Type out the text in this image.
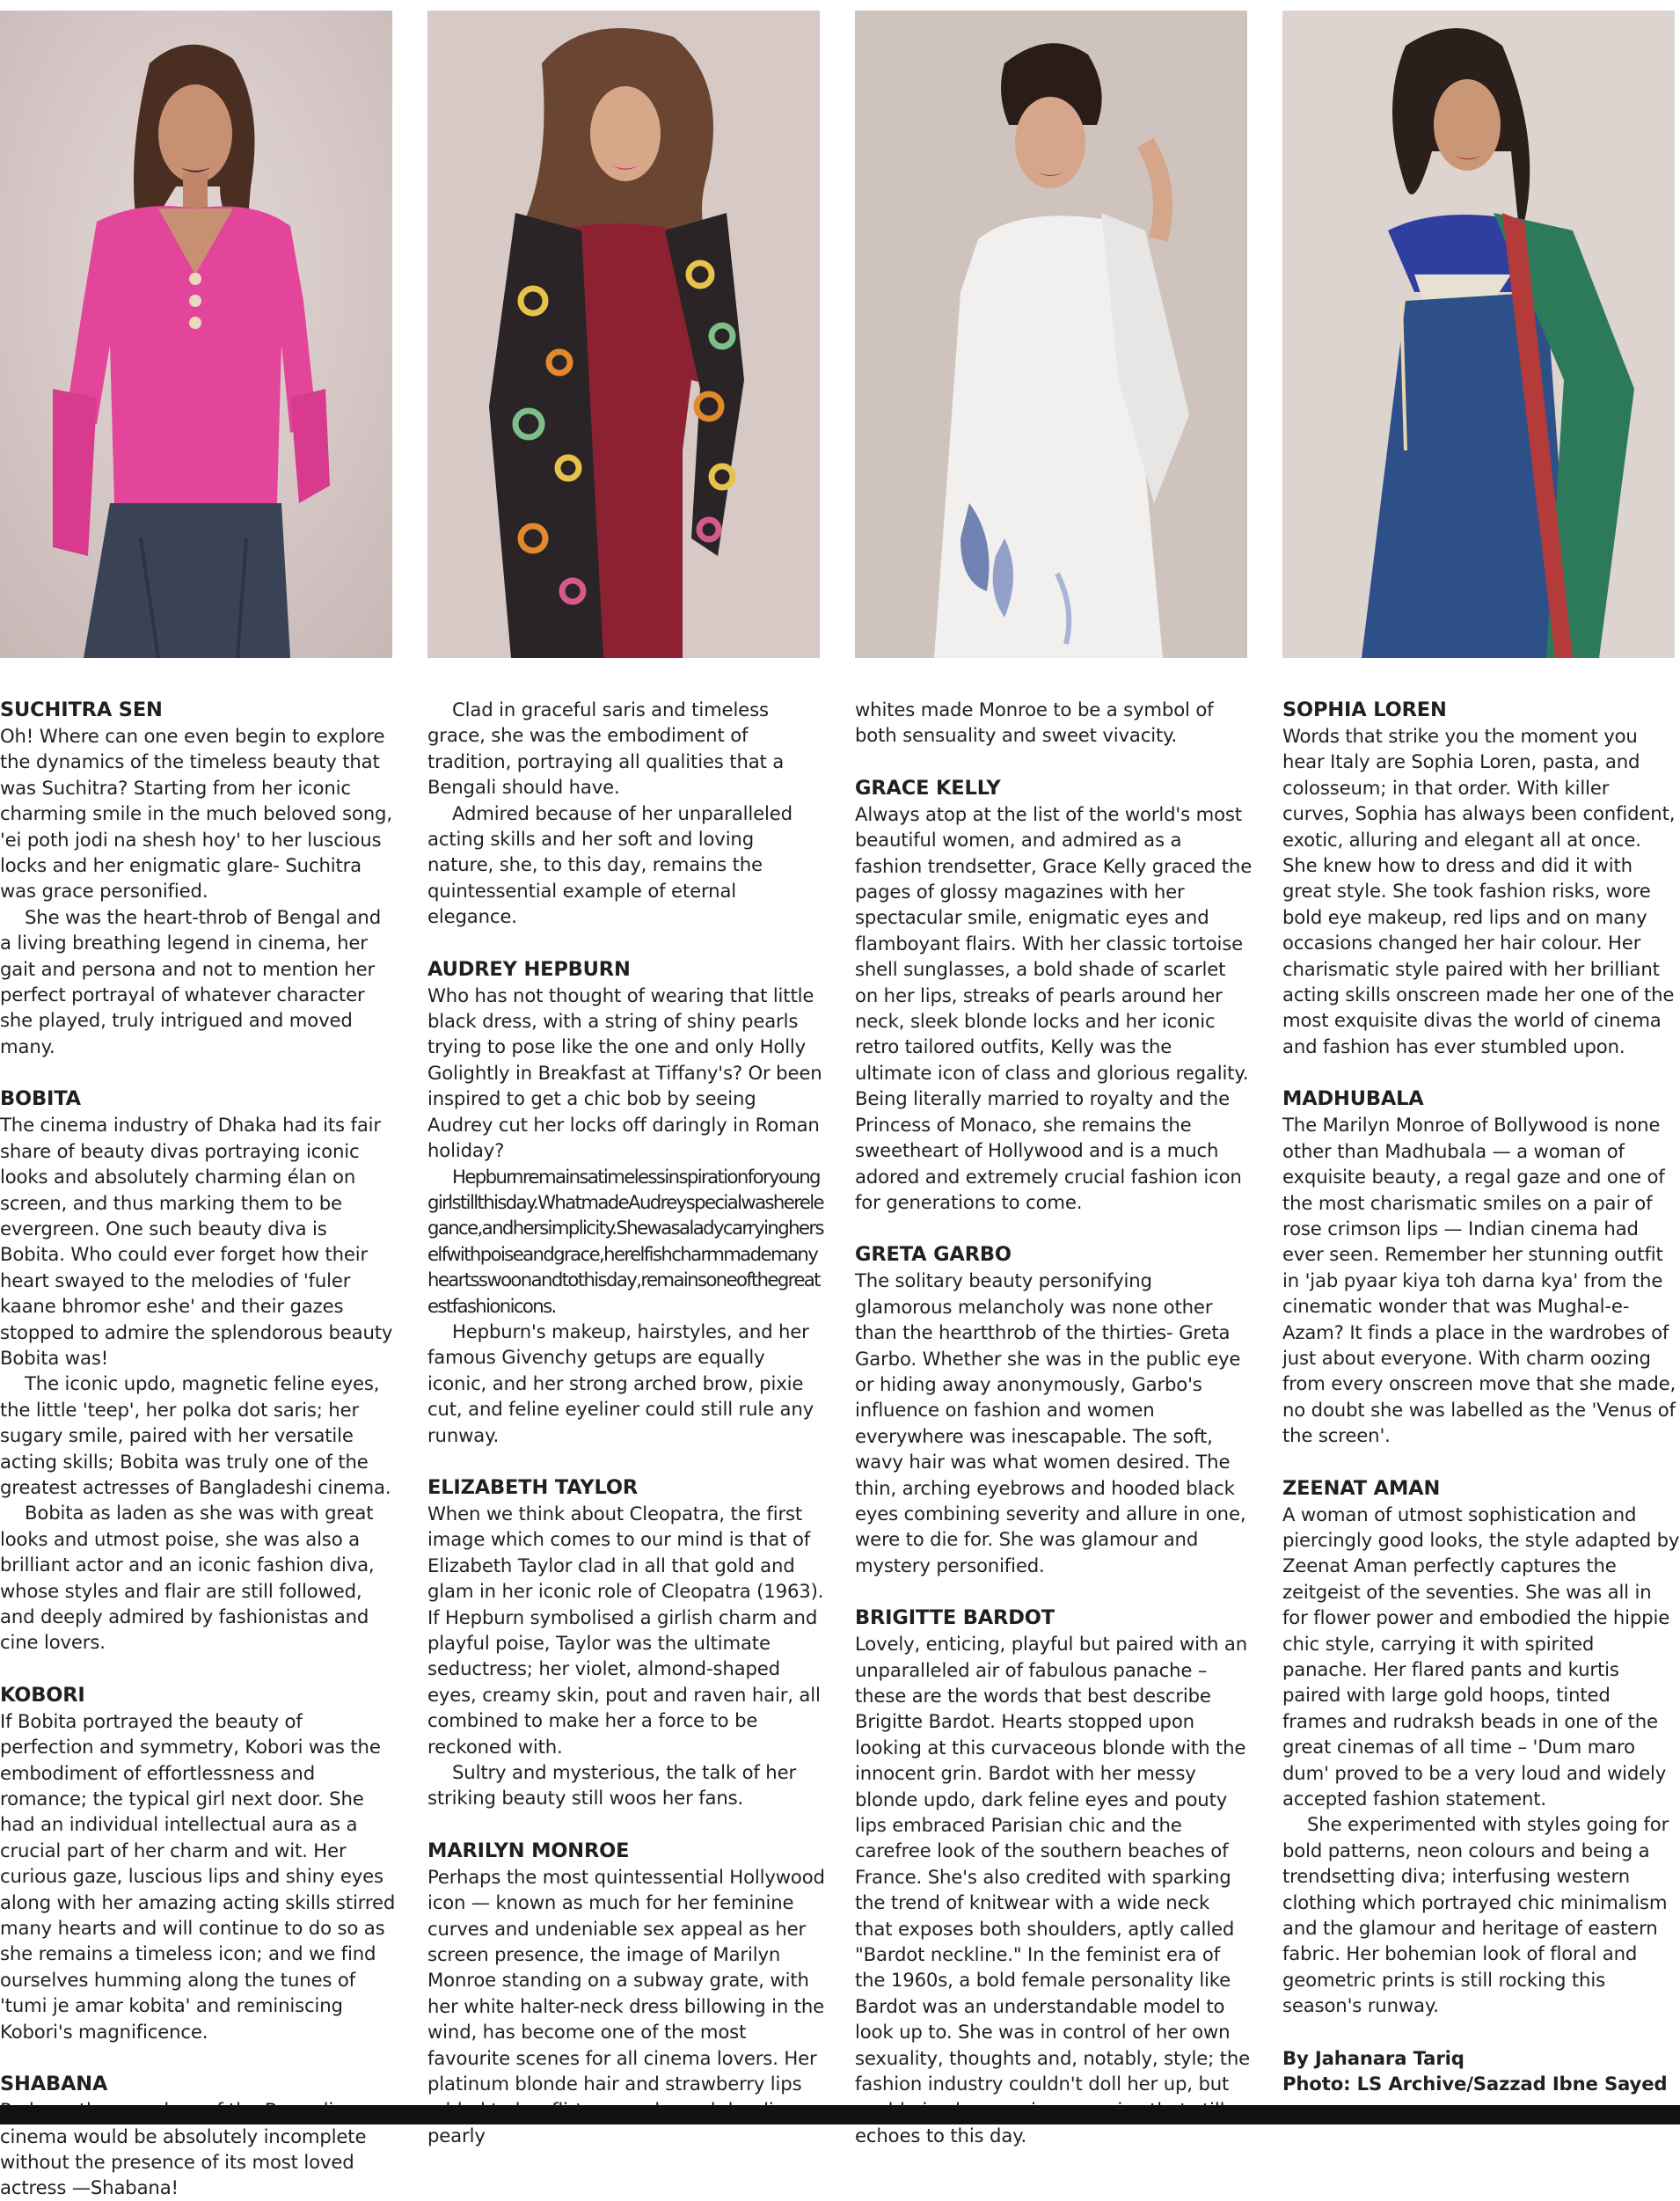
SUCHITRA SEN

Oh! Where can one even begin to explore the dynamics of the timeless beauty that was Suchitra? Starting from her iconic charming smile in the much beloved song, 'ei poth jodi na shesh hoy' to her luscious locks and her enigmatic glare- Suchitra was grace personified.

She was the heart-throb of Bengal and a living breathing legend in cinema, her gait and persona and not to mention her perfect portrayal of whatever character she played, truly intrigued and moved many.

BOBITA

The cinema industry of Dhaka had its fair share of beauty divas portraying iconic looks and absolutely charming élan on screen, and thus marking them to be evergreen. One such beauty diva is Bobita. Who could ever forget how their heart swayed to the melodies of 'fuler kaane bhromor eshe' and their gazes stopped to admire the splendorous beauty Bobita was!

The iconic updo, magnetic feline eyes, the little 'teep', her polka dot saris; her sugary smile, paired with her versatile acting skills; Bobita was truly one of the greatest actresses of Bangladeshi cinema.

Bobita as laden as she was with great looks and utmost poise, she was also a brilliant actor and an iconic fashion diva, whose styles and flair are still followed, and deeply admired by fashionistas and cine lovers.

KOBORI

If Bobita portrayed the beauty of perfection and symmetry, Kobori was the embodiment of effortlessness and romance; the typical girl next door. She had an individual intellectual aura as a crucial part of her charm and wit. Her curious gaze, luscious lips and shiny eyes along with her amazing acting skills stirred many hearts and will continue to do so as she remains a timeless icon; and we find ourselves humming along the tunes of 'tumi je amar kobita' and reminiscing Kobori's magnificence.

SHABANA

cinema would be absolutely incomplete without the presence of its most loved actress —Shabana!

Clad in graceful saris and timeless grace, she was the embodiment of tradition, portraying all qualities that a Bengali should have.

Admired because of her unparalleled acting skills and her soft and loving nature, she, to this day, remains the quintessential example of eternal elegance.

AUDREY HEPBURN

Who has not thought of wearing that little black dress, with a string of shiny pearls trying to pose like the one and only Holly Golightly in Breakfast at Tiffany's? Or been inspired to get a chic bob by seeing Audrey cut her locks off daringly in Roman holiday?

Hepburnremainsatimelessinspirationforyounggirlstillthisday.WhatmadeAudreyspecialwasherelegance,andhersimplicity.Shewasaladycarryingherselfwithpoiseandgrace,herelfishcharmmademanyheartsswoonandtothisday,remainsoneofthegreatestfashionicons.

Hepburn's makeup, hairstyles, and her famous Givenchy getups are equally iconic, and her strong arched brow, pixie cut, and feline eyeliner could still rule any runway.

ELIZABETH TAYLOR

When we think about Cleopatra, the first image which comes to our mind is that of Elizabeth Taylor clad in all that gold and glam in her iconic role of Cleopatra (1963). If Hepburn symbolised a girlish charm and playful poise, Taylor was the ultimate seductress; her violet, almond-shaped eyes, creamy skin, pout and raven hair, all combined to make her a force to be reckoned with.

Sultry and mysterious, the talk of her striking beauty still woos her fans.

MARILYN MONROE

Perhaps the most quintessential Hollywood icon — known as much for her feminine curves and undeniable sex appeal as her screen presence, the image of Marilyn Monroe standing on a subway grate, with her white halter-neck dress billowing in the wind, has become one of the most favourite scenes for all cinema lovers. Her platinum blonde hair and strawberry lips pearly

whites made Monroe to be a symbol of both sensuality and sweet vivacity.

GRACE KELLY

Always atop at the list of the world's most beautiful women, and admired as a fashion trendsetter, Grace Kelly graced the pages of glossy magazines with her spectacular smile, enigmatic eyes and flamboyant flairs. With her classic tortoise shell sunglasses, a bold shade of scarlet on her lips, streaks of pearls around her neck, sleek blonde locks and her iconic retro tailored outfits, Kelly was the ultimate icon of class and glorious regality. Being literally married to royalty and the Princess of Monaco, she remains the sweetheart of Hollywood and is a much adored and extremely crucial fashion icon for generations to come.

GRETA GARBO

The solitary beauty personifying glamorous melancholy was none other than the heartthrob of the thirties- Greta Garbo. Whether she was in the public eye or hiding away anonymously, Garbo's influence on fashion and women everywhere was inescapable. The soft, wavy hair was what women desired. The thin, arching eyebrows and hooded black eyes combining severity and allure in one, were to die for. She was glamour and mystery personified.

BRIGITTE BARDOT

Lovely, enticing, playful but paired with an unparalleled air of fabulous panache – these are the words that best describe Brigitte Bardot. Hearts stopped upon looking at this curvaceous blonde with the innocent grin. Bardot with her messy blonde updo, dark feline eyes and pouty lips embraced Parisian chic and the carefree look of the southern beaches of France. She's also credited with sparking the trend of knitwear with a wide neck that exposes both shoulders, aptly called "Bardot neckline." In the feminist era of the 1960s, a bold female personality like Bardot was an understandable model to look up to. She was in control of her own sexuality, thoughts and, notably, style; the fashion industry couldn't doll her up, but echoes to this day.

SOPHIA LOREN

Words that strike you the moment you hear Italy are Sophia Loren, pasta, and colosseum; in that order. With killer curves, Sophia has always been confident, exotic, alluring and elegant all at once. She knew how to dress and did it with great style. She took fashion risks, wore bold eye makeup, red lips and on many occasions changed her hair colour. Her charismatic style paired with her brilliant acting skills onscreen made her one of the most exquisite divas the world of cinema and fashion has ever stumbled upon.

MADHUBALA

The Marilyn Monroe of Bollywood is none other than Madhubala — a woman of exquisite beauty, a regal gaze and one of the most charismatic smiles on a pair of rose crimson lips — Indian cinema had ever seen. Remember her stunning outfit in 'jab pyaar kiya toh darna kya' from the cinematic wonder that was Mughal-e-Azam? It finds a place in the wardrobes of just about everyone. With charm oozing from every onscreen move that she made, no doubt she was labelled as the 'Venus of the screen'.

ZEENAT AMAN

A woman of utmost sophistication and piercingly good looks, the style adapted by Zeenat Aman perfectly captures the zeitgeist of the seventies. She was all in for flower power and embodied the hippie chic style, carrying it with spirited panache. Her flared pants and kurtis paired with large gold hoops, tinted frames and rudraksh beads in one of the great cinemas of all time – 'Dum maro dum' proved to be a very loud and widely accepted fashion statement.

She experimented with styles going for bold patterns, neon colours and being a trendsetting diva; interfusing western clothing which portrayed chic minimalism and the glamour and heritage of eastern fabric. Her bohemian look of floral and geometric prints is still rocking this season's runway.

By Jahanara Tariq

Photo: LS Archive/Sazzad Ibne Sayed
